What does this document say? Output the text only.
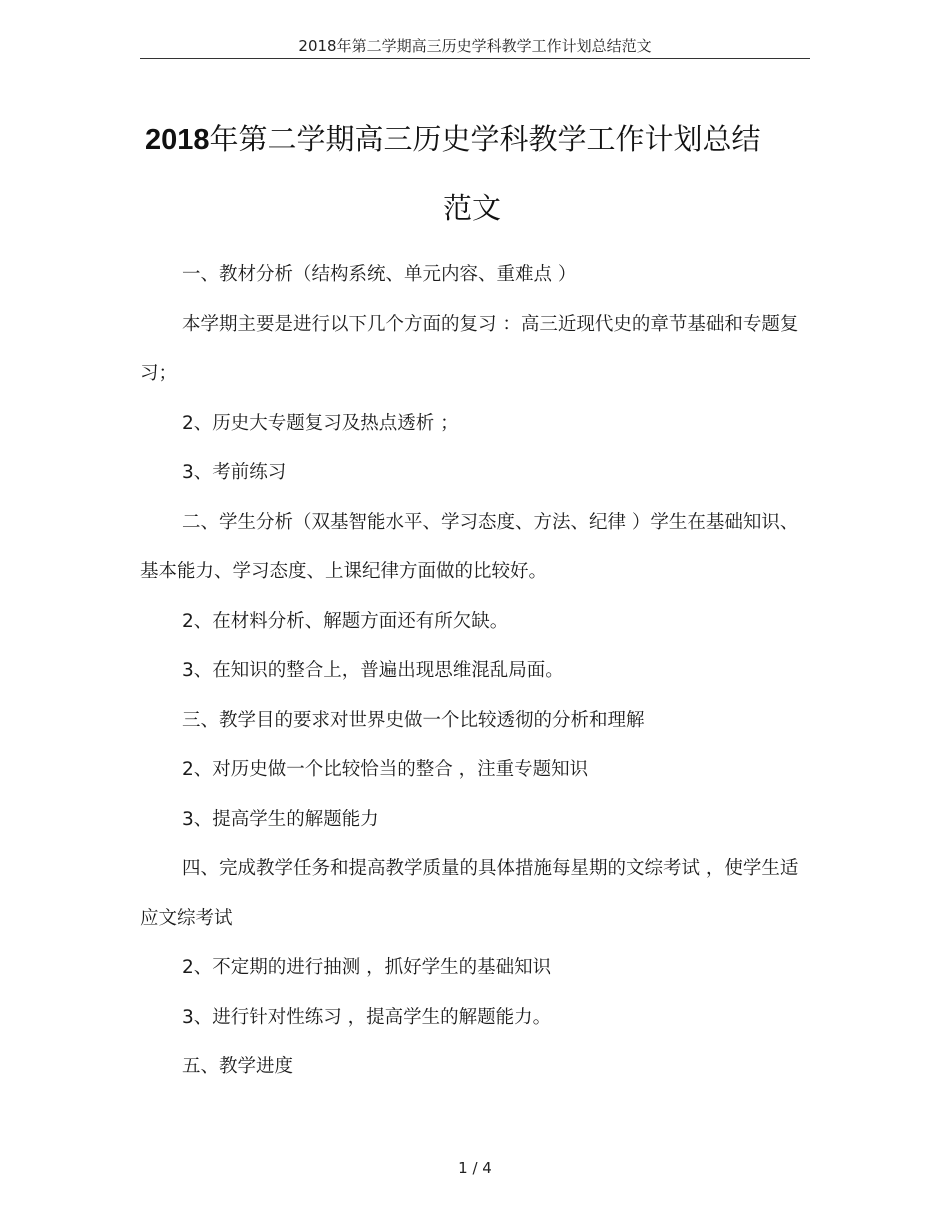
2018年第二学期高三历史学科教学工作计划总结范文
2018年第二学期高三历史学科教学工作计划总结
范文

一、教材分析（结构系统、单元内容、重难点 ）

本学期主要是进行以下几个方面的复习 ：高三近现代史的章节基础和专题复习；

2、历史大专题复习及热点透析 ；

3、考前练习

二、学生分析（双基智能水平、学习态度、方法、纪律 ）学生在基础知识、基本能力、学习态度、上课纪律方面做的比较好。

2、在材料分析、解题方面还有所欠缺。

3、在知识的整合上，普遍出现思维混乱局面。

三、教学目的要求对世界史做一个比较透彻的分析和理解

2、对历史做一个比较恰当的整合 ，注重专题知识

3、提高学生的解题能力

四、完成教学任务和提高教学质量的具体措施每星期的文综考试 ，使学生适应文综考试

2、不定期的进行抽测 ，抓好学生的基础知识

3、进行针对性练习 ，提高学生的解题能力。

五、教学进度

1 / 4
